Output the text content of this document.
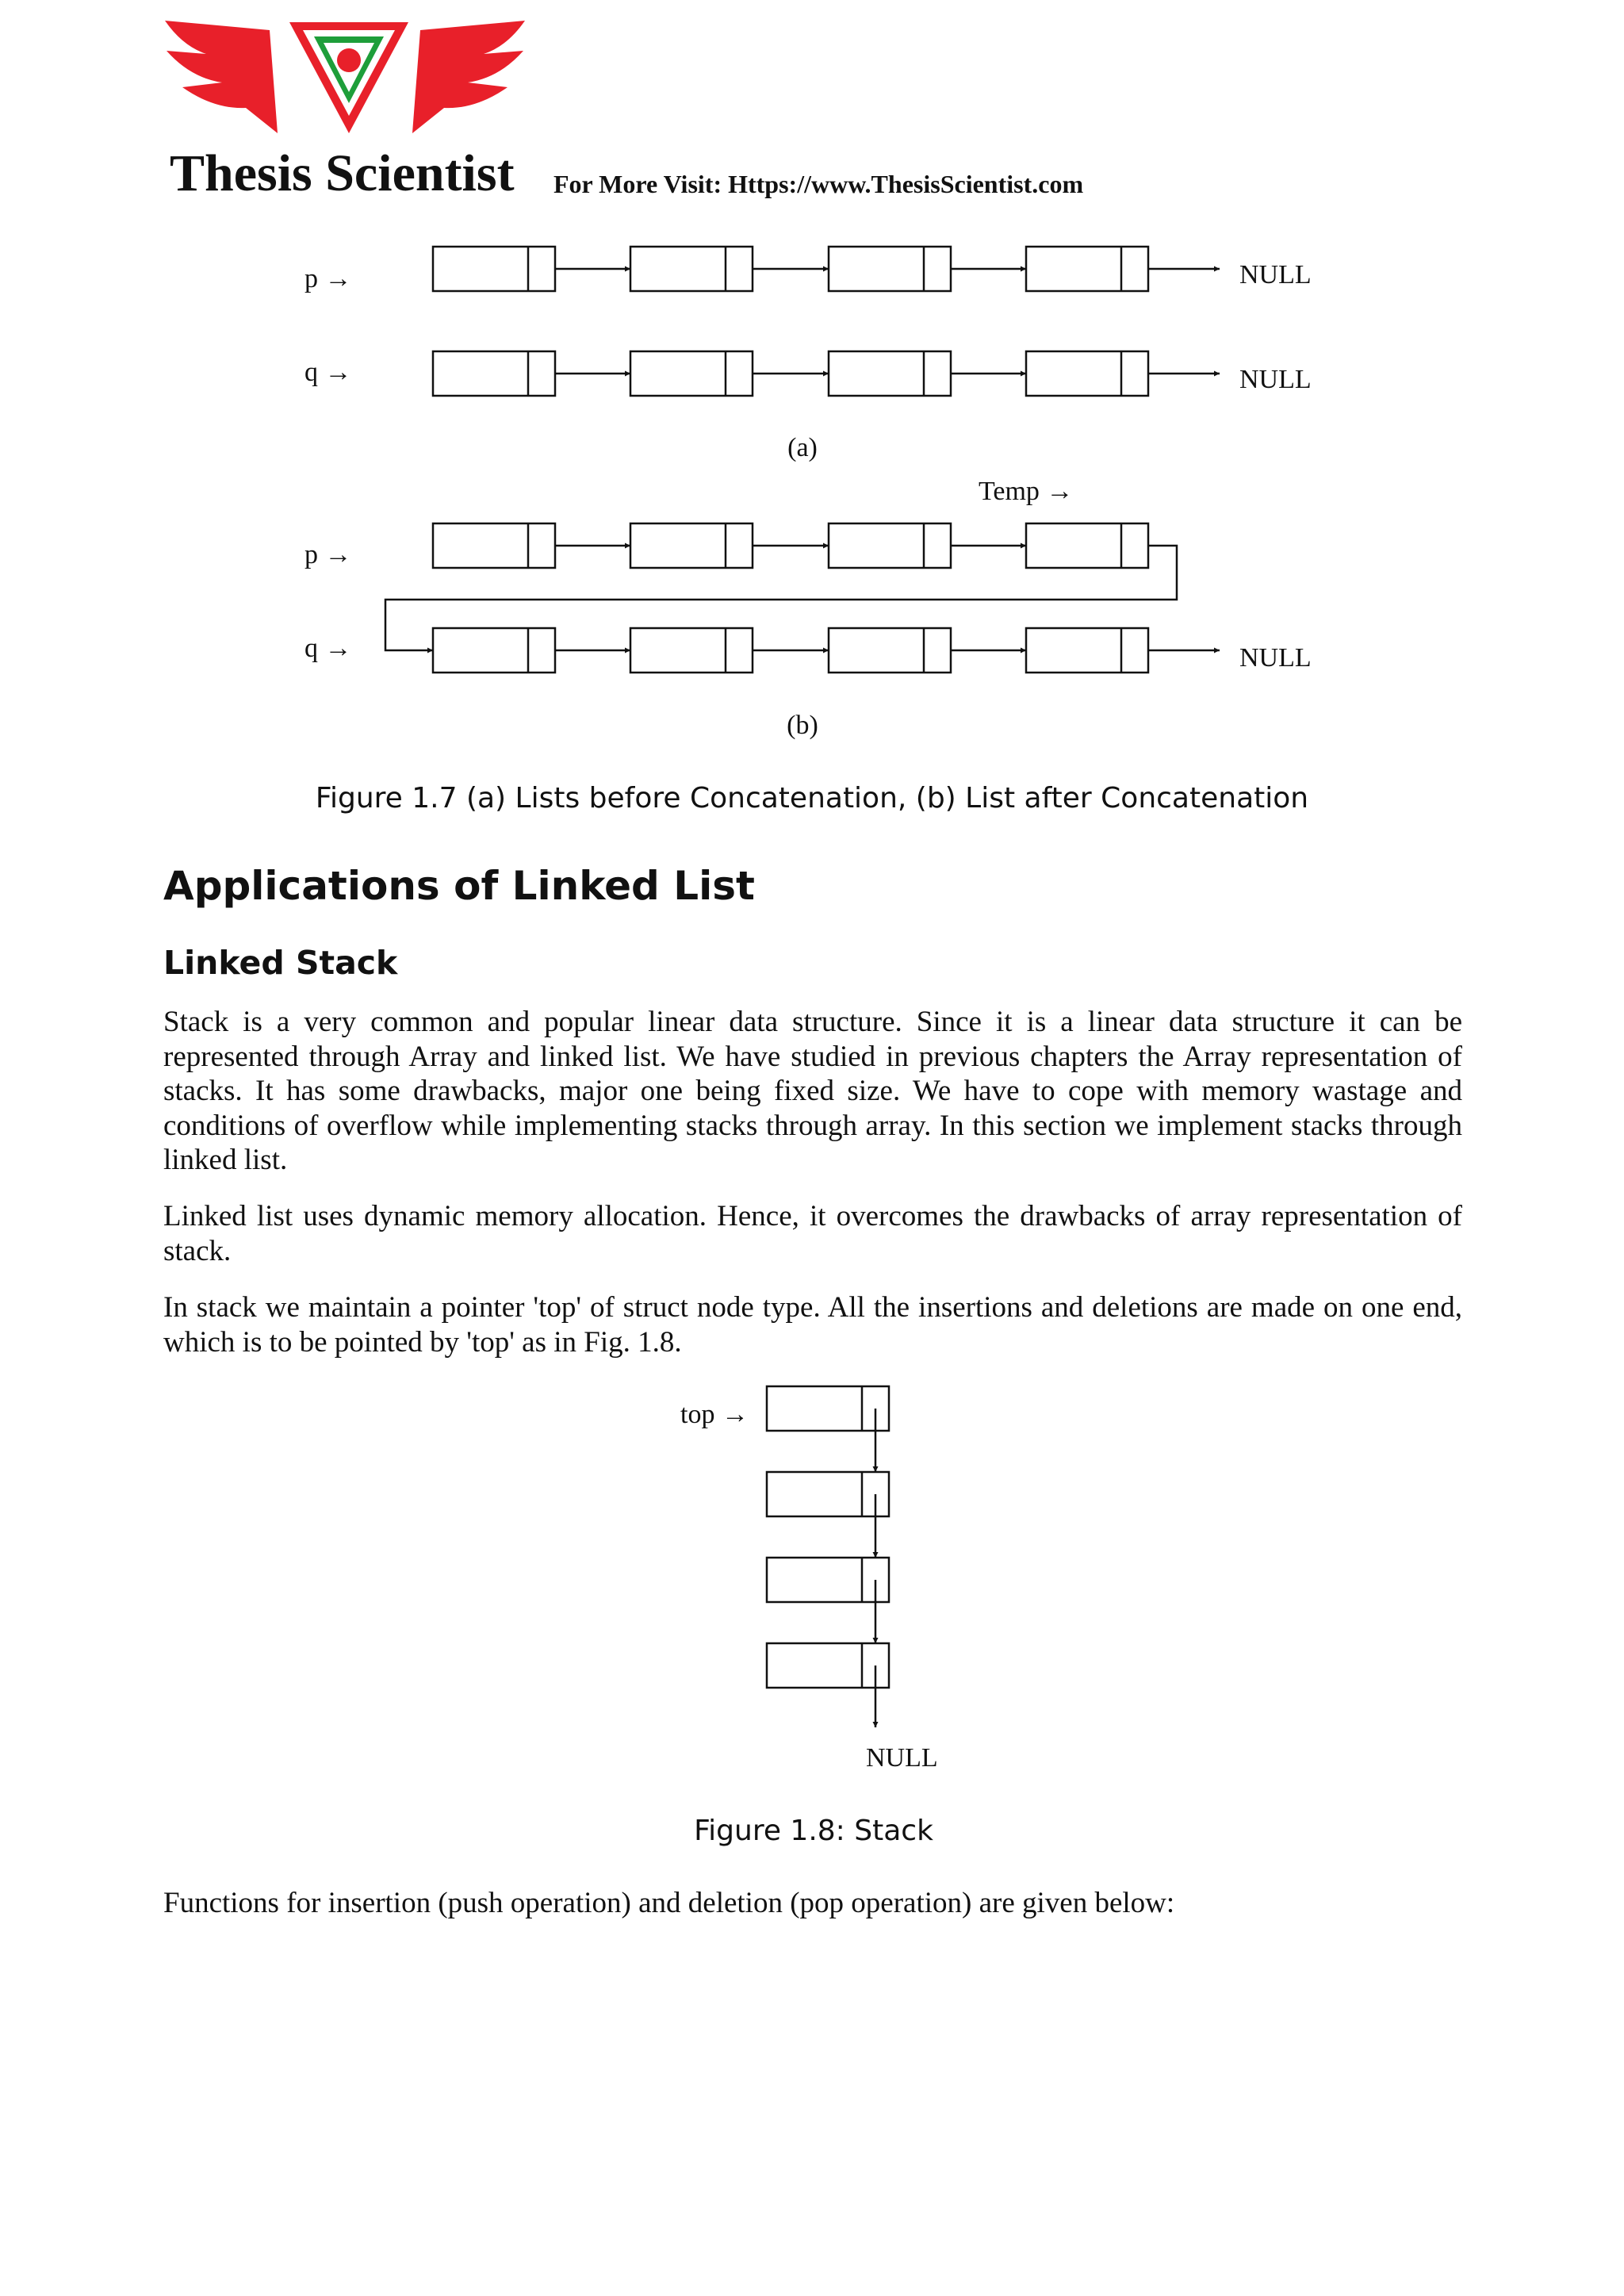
Thesis Scientist For More Visit: Https://www.ThesisScientist.com
p →
q →
NULL
NULL
(a)
Temp →
p →
q →	NULL
(b)
Figure 1.7 (a) Lists before Concatenation, (b) List after Concatenation
Applications of Linked List
Linked Stack

Stack is a very common and popular linear data structure. Since it is a linear data structure it can be represented through Array and linked list. We have studied in previous chapters the Array representation of stacks. It has some drawbacks, major one being fixed size. We have to cope with memory wastage and conditions of overflow while implementing stacks through array. In this section we implement stacks through linked list.

Linked list uses dynamic memory allocation. Hence, it overcomes the drawbacks of array representation of stack.

In stack we maintain a pointer 'top' of struct node type. All the insertions and deletions are made on one end, which is to be pointed by 'top' as in Fig. 1.8.

top →
NULL
Figure 1.8: Stack

Functions for insertion (push operation) and deletion (pop operation) are given below:
